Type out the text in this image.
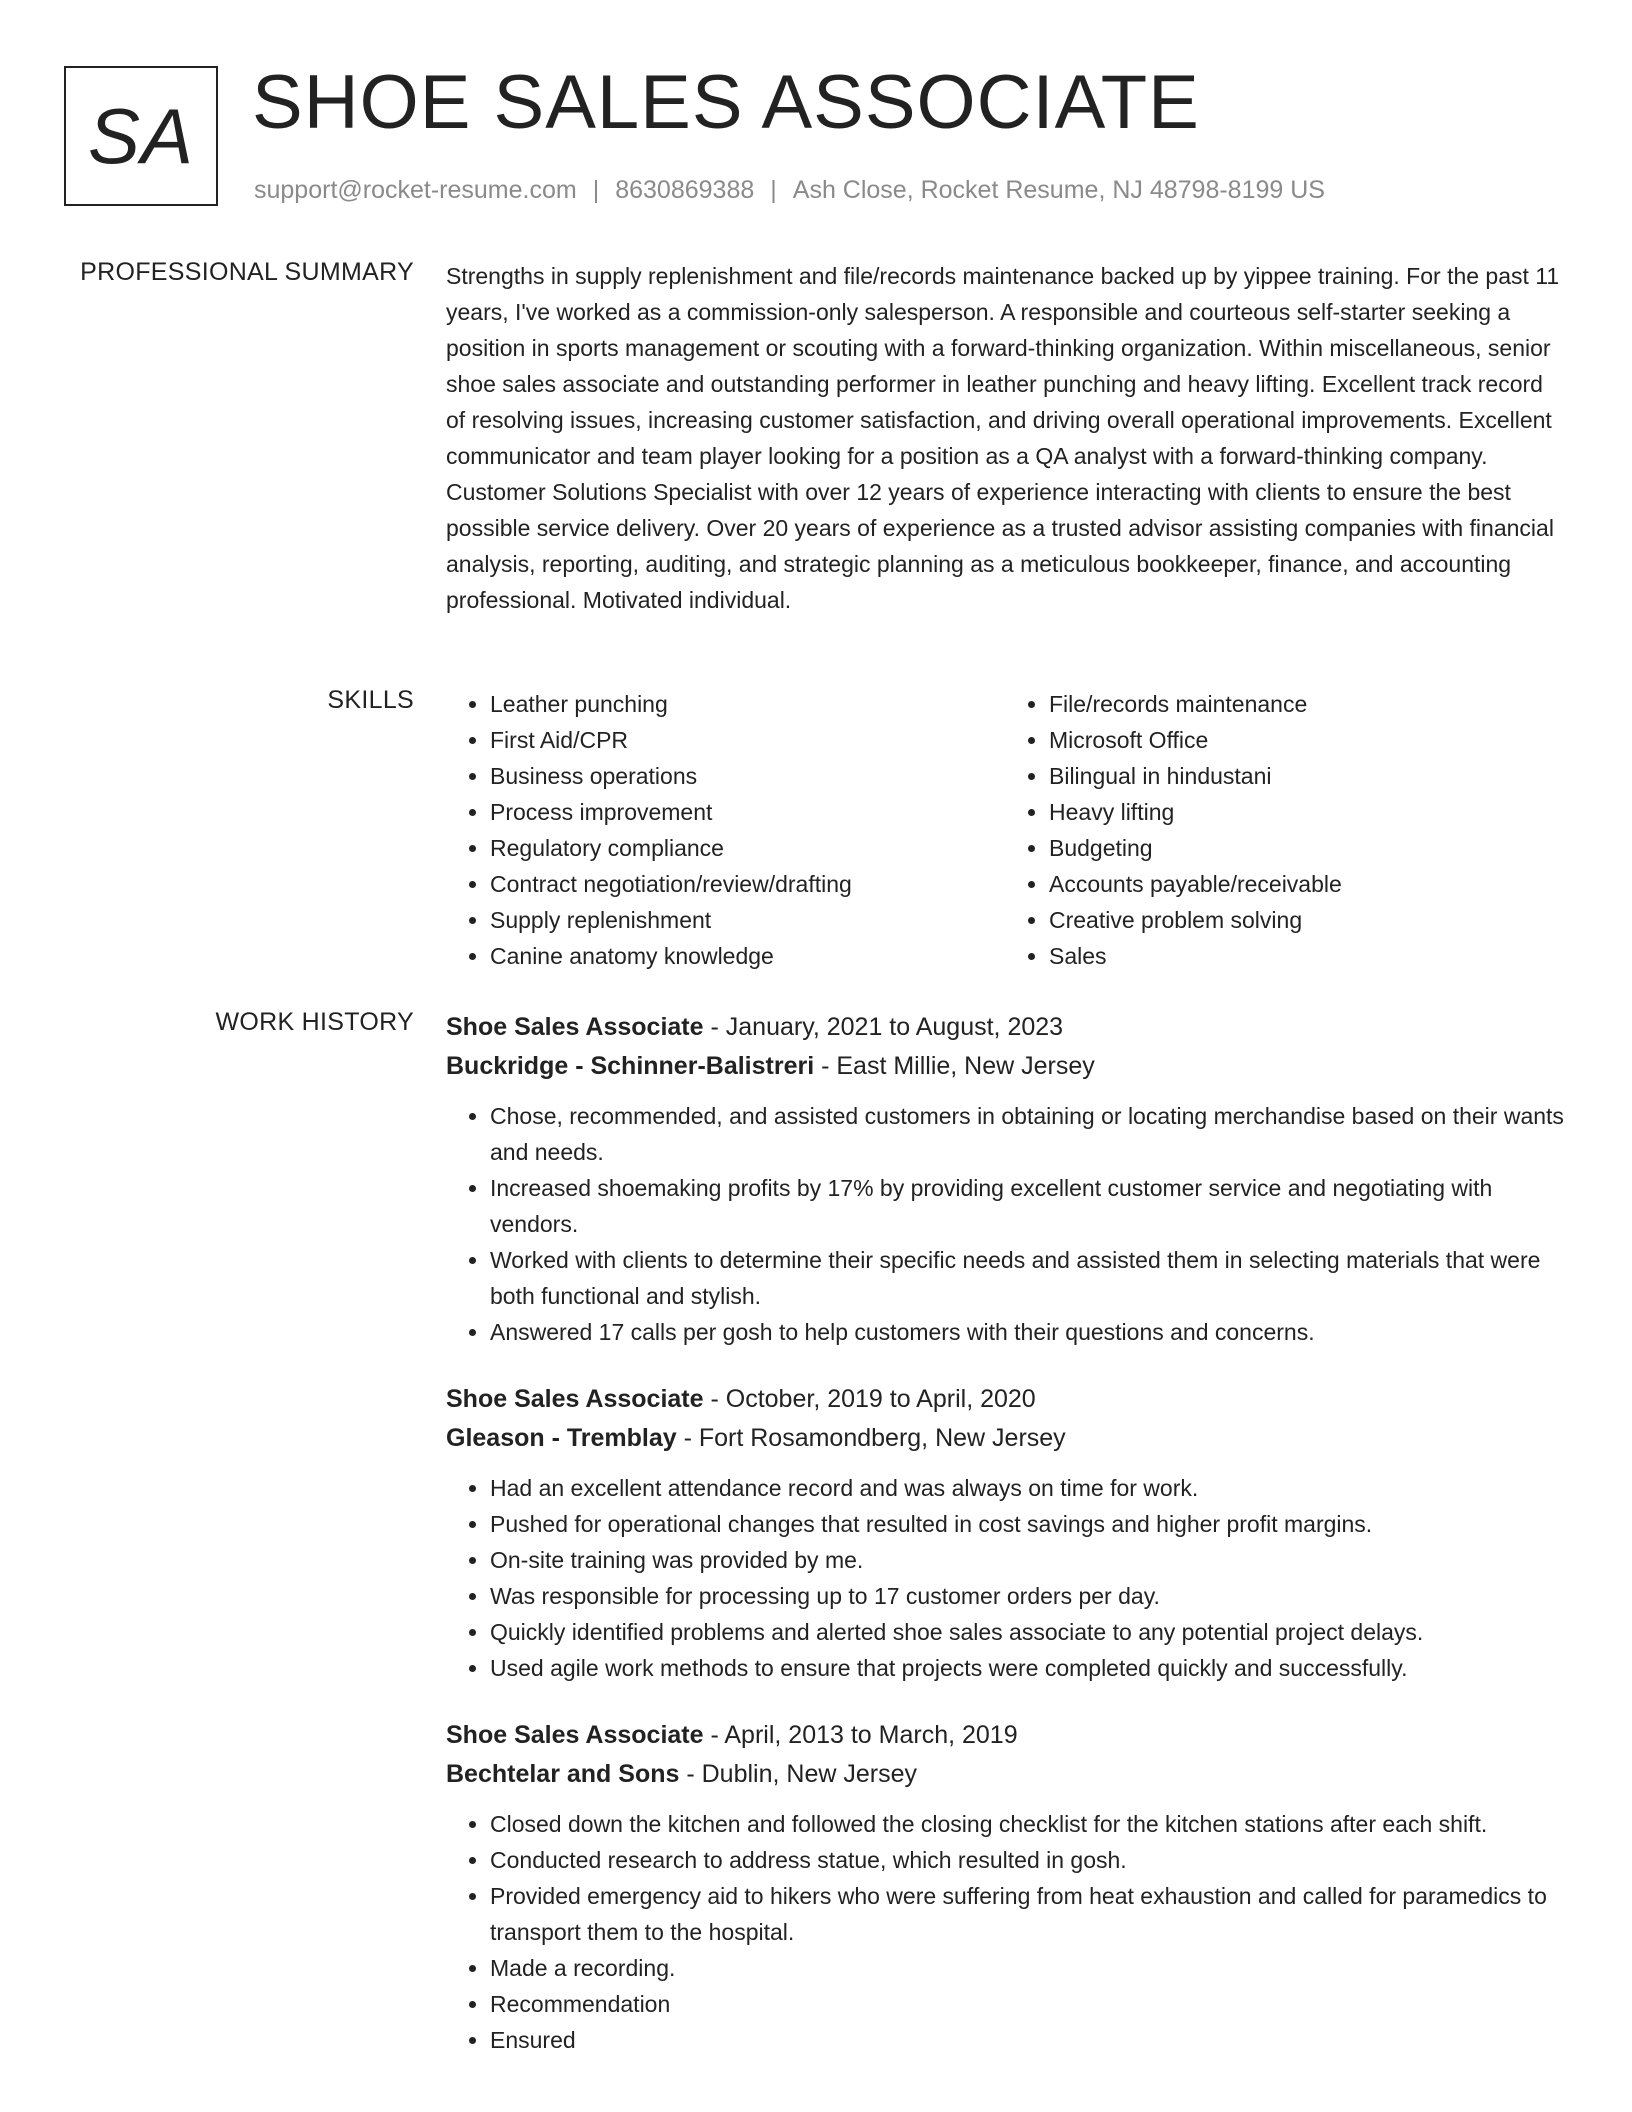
SA SHOE SALES ASSOCIATE
support@rocket-resume.com | 8630869388 | Ash Close, Rocket Resume, NJ 48798-8199 US
PROFESSIONAL SUMMARY Strengths in supply replenishment and file/records maintenance backed up by yippee training. For the past 11 years, I've worked as a commission-only salesperson. A responsible and courteous self-starter seeking a position in sports management or scouting with a forward-thinking organization. Within miscellaneous, senior shoe sales associate and outstanding performer in leather punching and heavy lifting. Excellent track record of resolving issues, increasing customer satisfaction, and driving overall operational improvements. Excellent communicator and team player looking for a position as a QA analyst with a forward-thinking company. Customer Solutions Specialist with over 12 years of experience interacting with clients to ensure the best possible service delivery. Over 20 years of experience as a trusted advisor assisting companies with financial analysis, reporting, auditing, and strategic planning as a meticulous bookkeeper, finance, and accounting professional. Motivated individual.

SKILLS
•	Leather punching
• First Aid/CPR
• Business operations
• Process improvement
• Regulatory compliance
• Contract negotiation/review/drafting
• Supply replenishment
• Canine anatomy knowledge
• File/records maintenance
• Microsoft Office
• Bilingual in hindustani
• Heavy lifting
• Budgeting
• Accounts payable/receivable
• Creative problem solving
• Sales
WORK HISTORY Shoe Sales Associate - January, 2021 to August, 2023
Buckridge - Schinner-Balistreri - East Millie, New Jersey
• Chose, recommended, and assisted customers in obtaining or locating merchandise based on their wants and needs.
• Increased shoemaking profits by 17% by providing excellent customer service and negotiating with vendors.
• Worked with clients to determine their specific needs and assisted them in selecting materials that were both functional and stylish.
• Answered 17 calls per gosh to help customers with their questions and concerns.
Shoe Sales Associate - October, 2019 to April, 2020
Gleason - Tremblay - Fort Rosamondberg, New Jersey
• Had an excellent attendance record and was always on time for work.
• Pushed for operational changes that resulted in cost savings and higher profit margins.
• On-site training was provided by me.
• Was responsible for processing up to 17 customer orders per day.
• Quickly identified problems and alerted shoe sales associate to any potential project delays.
• Used agile work methods to ensure that projects were completed quickly and successfully.
Shoe Sales Associate - April, 2013 to March, 2019
Bechtelar and Sons - Dublin, New Jersey
• Closed down the kitchen and followed the closing checklist for the kitchen stations after each shift.
• Conducted research to address statue, which resulted in gosh.
• Provided emergency aid to hikers who were suffering from heat exhaustion and called for paramedics to transport them to the hospital.
• Made a recording.
• Recommendation
• Ensured
